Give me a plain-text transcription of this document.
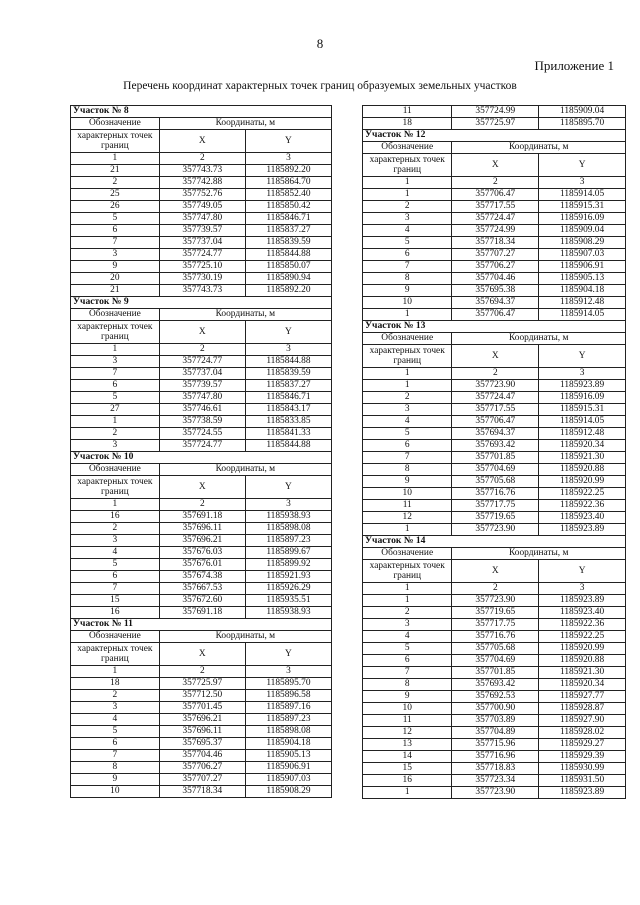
8
Приложение 1
Перечень координат характерных точек границ образуемых земельных участков
Участок № 8		
Обозначение	Координаты, м	
характерных точек границ	X	Y
1	2	3
21	357743.73	1185892.20
2	357742.88	1185864.70
25	357752.76	1185852.40
26	357749.05	1185850.42
5	357747.80	1185846.71
6	357739.57	1185837.27
7	357737.04	1185839.59
3	357724.77	1185844.88
9	357725.10	1185850.07
20	357730.19	1185890.94
21	357743.73	1185892.20
Участок № 9		
Обозначение	Координаты, м	
характерных точек границ	X	Y
1	2	3
3	357724.77	1185844.88
7	357737.04	1185839.59
6	357739.57	1185837.27
5	357747.80	1185846.71
27	357746.61	1185843.17
1	357738.59	1185833.85
2	357724.55	1185841.33
3	357724.77	1185844.88
Участок № 10		
Обозначение	Координаты, м	
характерных точек границ	X	Y
1	2	3
16	357691.18	1185938.93
2	357696.11	1185898.08
3	357696.21	1185897.23
4	357676.03	1185899.67
5	357676.01	1185899.92
6	357674.38	1185921.93
7	357667.53	1185926.29
15	357672.60	1185935.51
16	357691.18	1185938.93
Участок № 11		
Обозначение	Координаты, м	
характерных точек границ	X	Y
1	2	3
18	357725.97	1185895.70
2	357712.50	1185896.58
3	357701.45	1185897.16
4	357696.21	1185897.23
5	357696.11	1185898.08
6	357695.37	1185904.18
7	357704.46	1185905.13
8	357706.27	1185906.91
9	357707.27	1185907.03
10	357718.34	1185908.29
11	357724.99	1185909.04
18	357725.97	1185895.70
Участок № 12		
Обозначение	Координаты, м	
характерных точек границ	X	Y
1	2	3
1	357706.47	1185914.05
2	357717.55	1185915.31
3	357724.47	1185916.09
4	357724.99	1185909.04
5	357718.34	1185908.29
6	357707.27	1185907.03
7	357706.27	1185906.91
8	357704.46	1185905.13
9	357695.38	1185904.18
10	357694.37	1185912.48
1	357706.47	1185914.05
Участок № 13		
Обозначение	Координаты, м	
характерных точек границ	X	Y
1	2	3
1	357723.90	1185923.89
2	357724.47	1185916.09
3	357717.55	1185915.31
4	357706.47	1185914.05
5	357694.37	1185912.48
6	357693.42	1185920.34
7	357701.85	1185921.30
8	357704.69	1185920.88
9	357705.68	1185920.99
10	357716.76	1185922.25
11	357717.75	1185922.36
12	357719.65	1185923.40
1	357723.90	1185923.89
Участок № 14		
Обозначение	Координаты, м	
характерных точек границ	X	Y
1	2	3
1	357723.90	1185923.89
2	357719.65	1185923.40
3	357717.75	1185922.36
4	357716.76	1185922.25
5	357705.68	1185920.99
6	357704.69	1185920.88
7	357701.85	1185921.30
8	357693.42	1185920.34
9	357692.53	1185927.77
10	357700.90	1185928.87
11	357703.89	1185927.90
12	357704.89	1185928.02
13	357715.96	1185929.27
14	357716.96	1185929.39
15	357718.83	1185930.99
16	357723.34	1185931.50
1	357723.90	1185923.89
